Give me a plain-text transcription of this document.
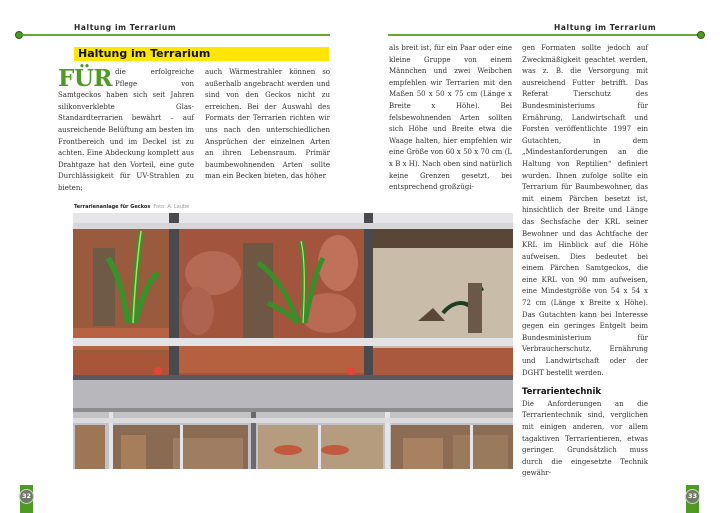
Haltung im Terrarium
Haltung im Terrarium
FÜR die erfolgreiche Pflege von Samtgeckos haben sich seit Jahren silikonverklebte Glas-Standardterrarien bewährt – auf ausreichende Belüftung am besten im Frontbereich und im Deckel ist zu achten. Eine Abdeckung komplett aus Drahtgaze hat den Vorteil, eine gute Durchlässigkeit für UV-Strahlen zu bieten;

auch Wärmestrahler können so außerhalb angebracht werden und sind von den Geckos nicht zu erreichen. Bei der Auswahl des Formats der Terrarien richten wir uns nach den unterschiedlichen Ansprüchen der einzelnen Arten an ihren Lebensraum. Primär baumbewohnenden Arten sollte man ein Becken bieten, das höher

Terrarienanlage für Geckos Foto: A. Laube
32
Haltung im Terrarium

als breit ist, für ein Paar oder eine kleine Gruppe von einem Männchen und zwei Weibchen empfehlen wir Terrarien mit den Maßen 50 x 50 x 75 cm (Länge x Breite x Höhe). Bei felsbewohnenden Arten sollten sich Höhe und Breite etwa die Waage halten, hier empfehlen wir eine Größe von 60 x 50 x 70 cm (L x B x H). Nach oben sind natürlich keine Grenzen gesetzt, bei entsprechend großzügi-

gen Formaten sollte jedoch auf Zweckmäßigkeit geachtet werden, was z. B. die Versorgung mit ausreichend Futter betrifft. Das Referat Tierschutz des Bundesministeriums für Ernährung, Landwirtschaft und Forsten veröffentlichte 1997 ein Gutachten, in dem „Mindestanforderungen an die Haltung von Reptilien“ definiert wurden. Ihnen zufolge sollte ein Terrarium für Baumbewohner, das mit einem Pärchen besetzt ist, hinsichtlich der Breite und Länge das Sechsfache der KRL seiner Bewohner und das Achtfache der KRL im Hinblick auf die Höhe aufweisen. Dies bedeutet bei einem Pärchen Samtgeckos, die eine KRL von 90 mm aufweisen, eine Mindestgröße von 54 x 54 x 72 cm (Länge x Breite x Höhe). Das Gutachten kann bei Interesse gegen ein geringes Entgelt beim Bundesministerium für Verbraucherschutz, Ernährung und Landwirtschaft oder der DGHT bestellt werden.

Terrarientechnik

Die Anforderungen an die Terrarientechnik sind, verglichen mit einigen anderen, vor allem tagaktiven Terrarientieren, etwas geringer. Grundsätzlich muss durch die eingesetzte Technik gewähr-

33
